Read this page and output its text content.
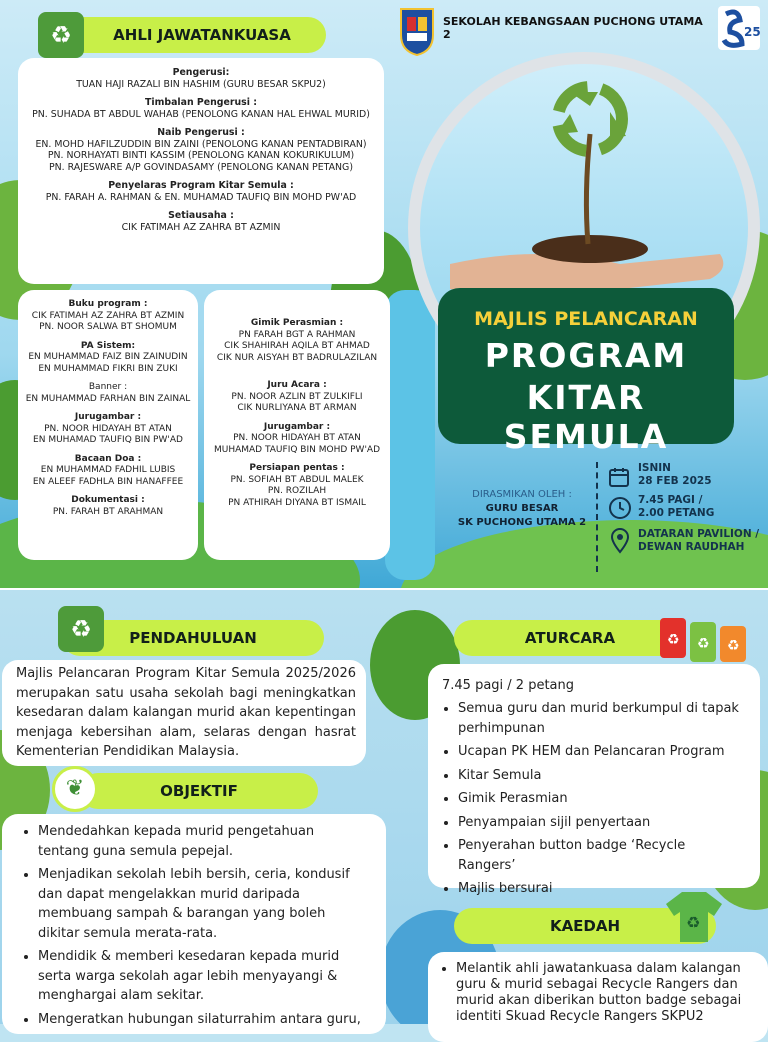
AHLI JAWATANKUASA
♻
Pengerusi:
TUAN HAJI RAZALI BIN HASHIM (GURU BESAR SKPU2)
Timbalan Pengerusi :
PN. SUHADA BT ABDUL WAHAB (PENOLONG KANAN HAL EHWAL MURID)
Naib Pengerusi :
EN. MOHD HAFILZUDDIN BIN ZAINI (PENOLONG KANAN PENTADBIRAN)
PN. NORHAYATI BINTI KASSIM (PENOLONG KANAN KOKURIKULUM)
PN. RAJESWARE A/P GOVINDASAMY (PENOLONG KANAN PETANG)
Penyelaras Program Kitar Semula :
PN. FARAH A. RAHMAN & EN. MUHAMAD TAUFIQ BIN MOHD PW'AD
Setiausaha :
CIK FATIMAH AZ ZAHRA BT AZMIN
Buku program :
CIK FATIMAH AZ ZAHRA BT AZMIN
PN. NOOR SALWA BT SHOMUM
PA Sistem:
EN MUHAMMAD FAIZ BIN ZAINUDIN
EN MUHAMMAD FIKRI BIN ZUKI
Banner :
EN MUHAMMAD FARHAN BIN ZAINAL
Jurugambar :
PN. NOOR HIDAYAH BT ATAN
EN MUHAMAD TAUFIQ BIN PW'AD
Bacaan Doa :
EN MUHAMMAD FADHIL LUBIS
EN ALEEF FADHLA BIN HANAFFEE
Dokumentasi :
PN. FARAH BT ARAHMAN
Gimik Perasmian :
PN FARAH BGT A RAHMAN
CIK SHAHIRAH AQILA BT AHMAD
CIK NUR AISYAH BT BADRULAZILAN
Juru Acara :
PN. NOOR AZLIN BT ZULKIFLI
CIK NURLIYANA BT ARMAN
Jurugambar :
PN. NOOR HIDAYAH BT ATAN
MUHAMAD TAUFIQ BIN MOHD PW'AD
Persiapan pentas :
PN. SOFIAH BT ABDUL MALEK
PN. ROZILAH
PN ATHIRAH DIYANA BT ISMAIL
SEKOLAH KEBANGSAAN PUCHONG UTAMA 2	25
MAJLIS PELANCARAN
PROGRAM
KITAR SEMULA
DIRASMIKAN OLEH :
GURU BESAR
SK PUCHONG UTAMA 2
ISNIN
28 FEB 2025
7.45 PAGI /
2.00 PETANG
DATARAN PAVILION /
DEWAN RAUDHAH
PENDAHULUAN
♻
Majlis Pelancaran Program Kitar Semula 2025/2026 merupakan satu usaha sekolah bagi meningkatkan kesedaran dalam kalangan murid akan kepentingan menjaga kebersihan alam, selaras dengan hasrat Kementerian Pendidikan Malaysia.
OBJEKTIF
❦
• Mendedahkan kepada murid pengetahuan tentang guna semula pepejal.
• Menjadikan sekolah lebih bersih, ceria, kondusif dan dapat mengelakkan murid daripada membuang sampah & barangan yang boleh dikitar semula merata-rata.
• Mendidik & memberi kesedaran kepada murid serta warga sekolah agar lebih menyayangi & menghargai alam sekitar.
• Mengeratkan hubungan silaturrahim antara guru,
ATURCARA	♻ ♻ ♻
7.45 pagi / 2 petang
• Semua guru dan murid berkumpul di tapak perhimpunan
• Ucapan PK HEM dan Pelancaran Program
• Kitar Semula
• Gimik Perasmian
• Penyampaian sijil penyertaan
• Penyerahan button badge ‘Recycle Rangers’
• Majlis bersurai
KAEDAH	♻
• Melantik ahli jawatankuasa dalam kalangan guru & murid sebagai Recycle Rangers dan murid akan diberikan button badge sebagai identiti Skuad Recycle Rangers SKPU2
